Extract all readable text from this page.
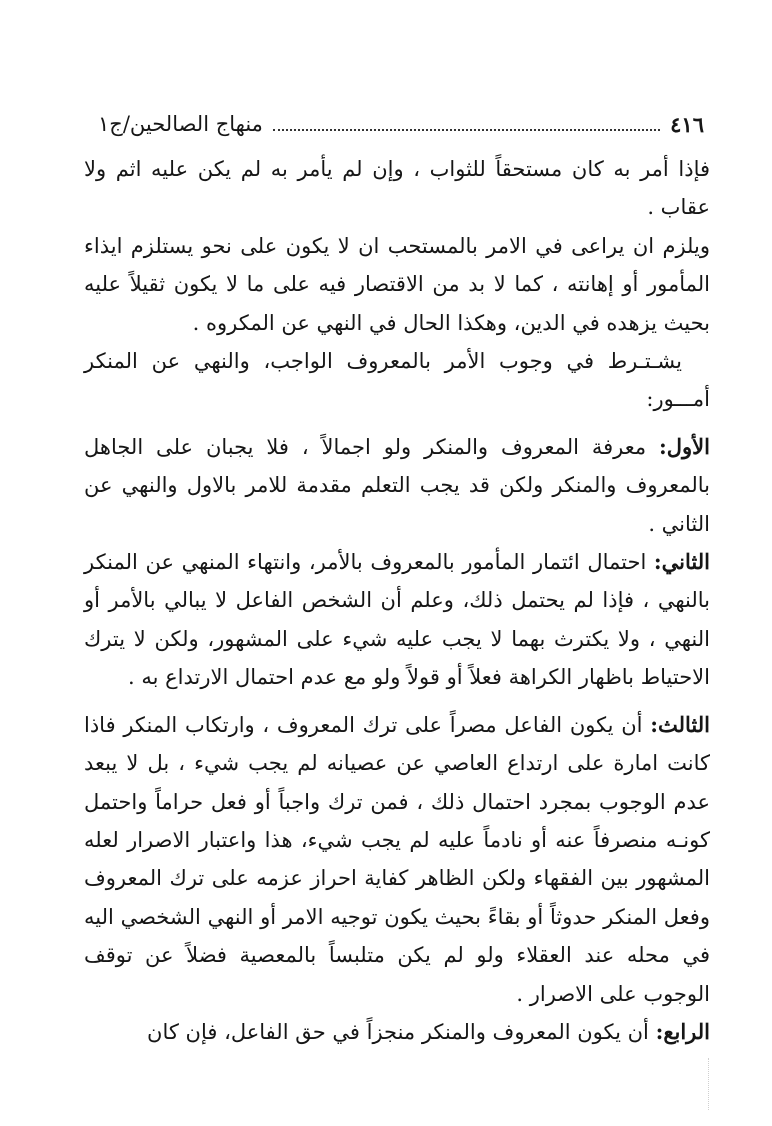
٤١٦
منهاج الصالحين/ج١

فإذا أمر به كان مستحقاً للثواب ، وإن لم يأمر به لم يكن عليه اثم ولا عقاب .

ويلزم ان يراعى في الامر بالمستحب ان لا يكون على نحو يستلزم ايذاء المأمور أو إهانته ، كما لا بد من الاقتصار فيه على ما لا يكون ثقيلاً عليه بحيث يزهده في الدين، وهكذا الحال في النهي عن المكروه .

يشـتـرط في وجوب الأمر بالمعروف الواجب، والنهي عن المنكر أمـــور:

الأول: معرفة المعروف والمنكر ولو اجمالاً ، فلا يجبان على الجاهل بالمعروف والمنكر ولكن قد يجب التعلم مقدمة للامر بالاول والنهي عن الثاني .

الثاني: احتمال ائتمار المأمور بالمعروف بالأمر، وانتهاء المنهي عن المنكر بالنهي ، فإذا لم يحتمل ذلك، وعلم أن الشخص الفاعل لا يبالي بالأمر أو النهي ، ولا يكترث بهما لا يجب عليه شيء على المشهور، ولكن لا يترك الاحتياط باظهار الكراهة فعلاً أو قولاً ولو مع عدم احتمال الارتداع به .

الثالث: أن يكون الفاعل مصراً على ترك المعروف ، وارتكاب المنكر فاذا كانت امارة على ارتداع العاصي عن عصيانه لم يجب شيء ، بل لا يبعد عدم الوجوب بمجرد احتمال ذلك ، فمن ترك واجباً أو فعل حراماً واحتمل كونـه منصرفاً عنه أو نادماً عليه لم يجب شيء، هذا واعتبار الاصرار لعله المشهور بين الفقهاء ولكن الظاهر كفاية احراز عزمه على ترك المعروف وفعل المنكر حدوثاً أو بقاءً بحيث يكون توجيه الامر أو النهي الشخصي اليه في محله عند العقلاء ولو لم يكن متلبساً بالمعصية فضلاً عن توقف الوجوب على الاصرار .

الرابع: أن يكون المعروف والمنكر منجزاً في حق الفاعل، فإن كان
